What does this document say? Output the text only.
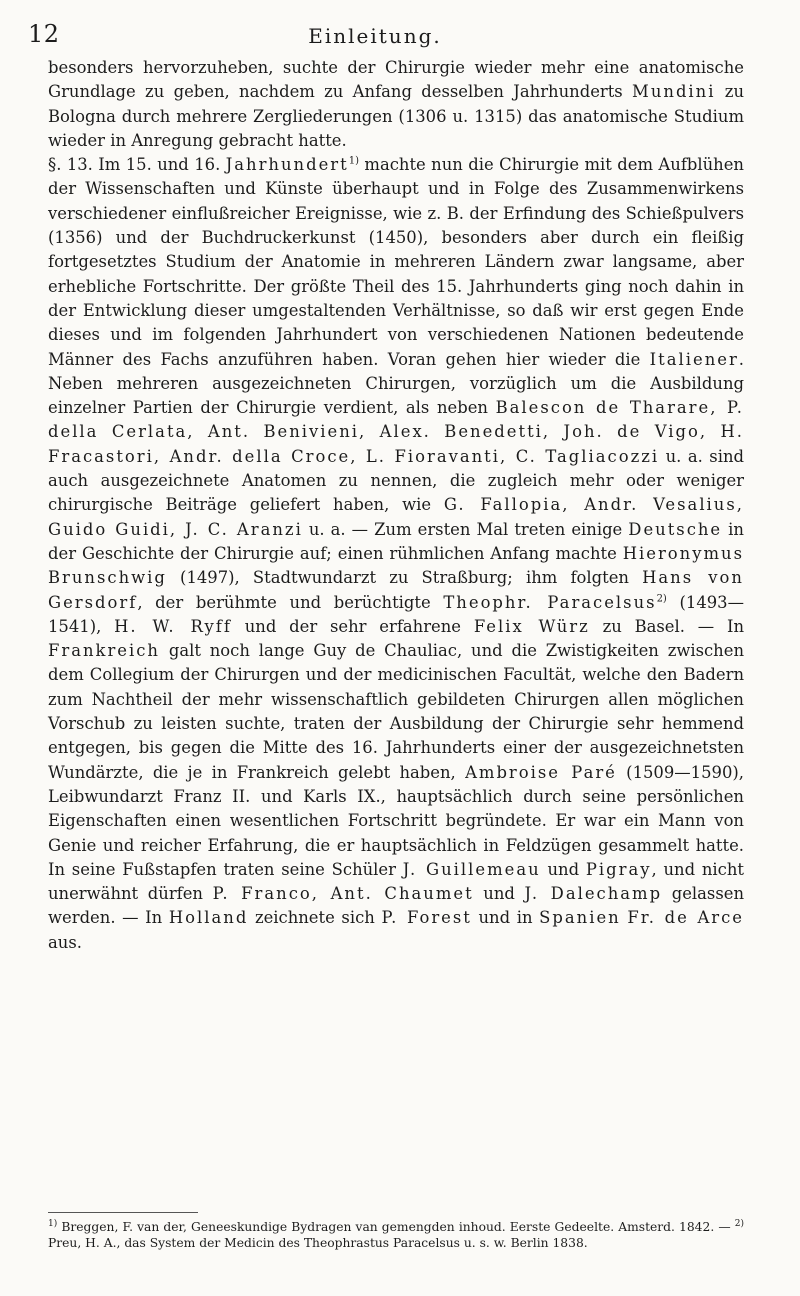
12	Einleitung.

besonders hervorzuheben, suchte der Chirurgie wieder mehr eine anatomische Grundlage zu geben, nachdem zu Anfang desselben Jahrhunderts Mundini zu Bologna durch mehrere Zergliederungen (1306 u. 1315) das anatomische Studium wieder in Anregung gebracht hatte.

§. 13. Im 15. und 16. Jahrhundert$^{1)}$ machte nun die Chirurgie mit dem Aufblühen der Wissenschaften und Künste überhaupt und in Folge des Zusammenwirkens verschiedener einflußreicher Ereignisse, wie z. B. der Erfindung des Schießpulvers (1356) und der Buchdruckerkunst (1450), besonders aber durch ein fleißig fortgesetztes Studium der Anatomie in mehreren Ländern zwar langsame, aber erhebliche Fortschritte. Der größte Theil des 15. Jahrhunderts ging noch dahin in der Entwicklung dieser umgestaltenden Verhältnisse, so daß wir erst gegen Ende dieses und im folgenden Jahrhundert von verschiedenen Nationen bedeutende Männer des Fachs anzuführen haben. Voran gehen hier wieder die Italiener. Neben mehreren ausgezeichneten Chirurgen, vorzüglich um die Ausbildung einzelner Partien der Chirurgie verdient, als neben Balescon de Tharare, P. della Cerlata, Ant. Benivieni, Alex. Benedetti, Joh. de Vigo, H. Fracastori, Andr. della Croce, L. Fioravanti, C. Tagliacozzi u. a. sind auch ausgezeichnete Anatomen zu nennen, die zugleich mehr oder weniger chirurgische Beiträge geliefert haben, wie G. Fallopia, Andr. Vesalius, Guido Guidi, J. C. Aranzi u. a. — Zum ersten Mal treten einige Deutsche in der Geschichte der Chirurgie auf; einen rühmlichen Anfang machte Hieronymus Brunschwig (1497), Stadtwundarzt zu Straßburg; ihm folgten Hans von Gersdorf, der berühmte und berüchtigte Theophr. Paracelsus$^{2)}$ (1493—1541), H. W. Ryff und der sehr erfahrene Felix Würz zu Basel. — In Frankreich galt noch lange Guy de Chauliac, und die Zwistigkeiten zwischen dem Collegium der Chirurgen und der medicinischen Facultät, welche den Badern zum Nachtheil der mehr wissenschaftlich gebildeten Chirurgen allen möglichen Vorschub zu leisten suchte, traten der Ausbildung der Chirurgie sehr hemmend entgegen, bis gegen die Mitte des 16. Jahrhunderts einer der ausgezeichnetsten Wundärzte, die je in Frankreich gelebt haben, Ambroise Paré (1509—1590), Leibwundarzt Franz II. und Karls IX., hauptsächlich durch seine persönlichen Eigenschaften einen wesentlichen Fortschritt begründete. Er war ein Mann von Genie und reicher Erfahrung, die er hauptsächlich in Feldzügen gesammelt hatte. In seine Fußstapfen traten seine Schüler J. Guillemeau und Pigray, und nicht unerwähnt dürfen P. Franco, Ant. Chaumet und J. Dalechamp gelassen werden. — In Holland zeichnete sich P. Forest und in Spanien Fr. de Arce aus.

$^{1)}$ Breggen, F. van der, Geneeskundige Bydragen van gemengden inhoud. Eerste Gedeelte. Amsterd. 1842. — $^{2)}$ Preu, H. A., das System der Medicin des Theophrastus Paracelsus u. s. w. Berlin 1838.
